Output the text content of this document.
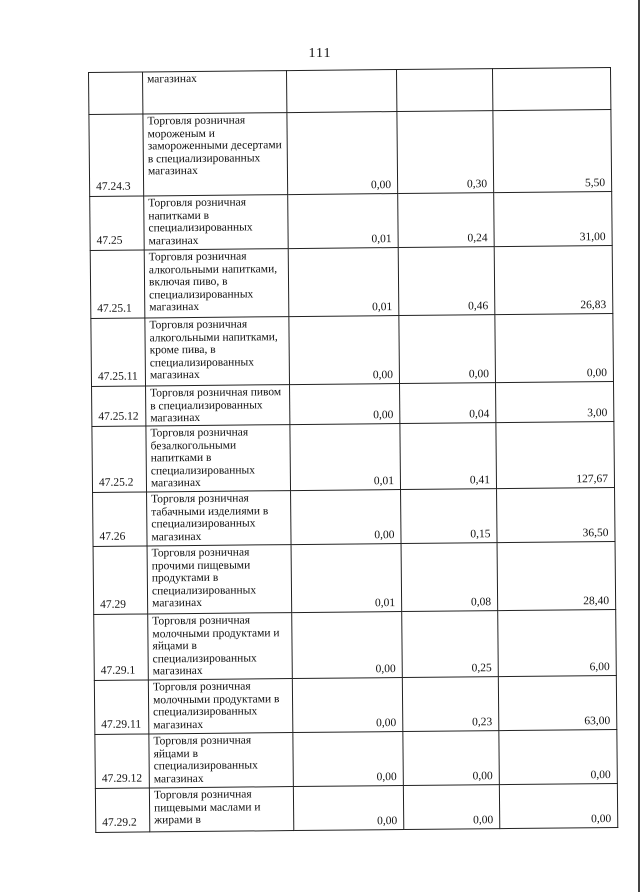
111
	магазинах			
47.24.3	Торговля розничная мороженым и замороженными десертами в специализированных магазинах	0,00	0,30	5,50
47.25	Торговля розничная напитками в специализированных магазинах	0,01	0,24	31,00
47.25.1	Торговля розничная алкогольными напитками, включая пиво, в специализированных магазинах	0,01	0,46	26,83
47.25.11	Торговля розничная алкогольными напитками, кроме пива, в специализированных магазинах	0,00	0,00	0,00
47.25.12	Торговля розничная пивом в специализированных магазинах	0,00	0,04	3,00
47.25.2	Торговля розничная безалкогольными напитками в специализированных магазинах	0,01	0,41	127,67
47.26	Торговля розничная табачными изделиями в специализированных магазинах	0,00	0,15	36,50
47.29	Торговля розничная прочими пищевыми продуктами в специализированных магазинах	0,01	0,08	28,40
47.29.1	Торговля розничная молочными продуктами и яйцами в специализированных магазинах	0,00	0,25	6,00
47.29.11	Торговля розничная молочными продуктами в специализированных магазинах	0,00	0,23	63,00
47.29.12	Торговля розничная яйцами в специализированных магазинах	0,00	0,00	0,00
47.29.2	Торговля розничная пищевыми маслами и жирами в	0,00	0,00	0,00
